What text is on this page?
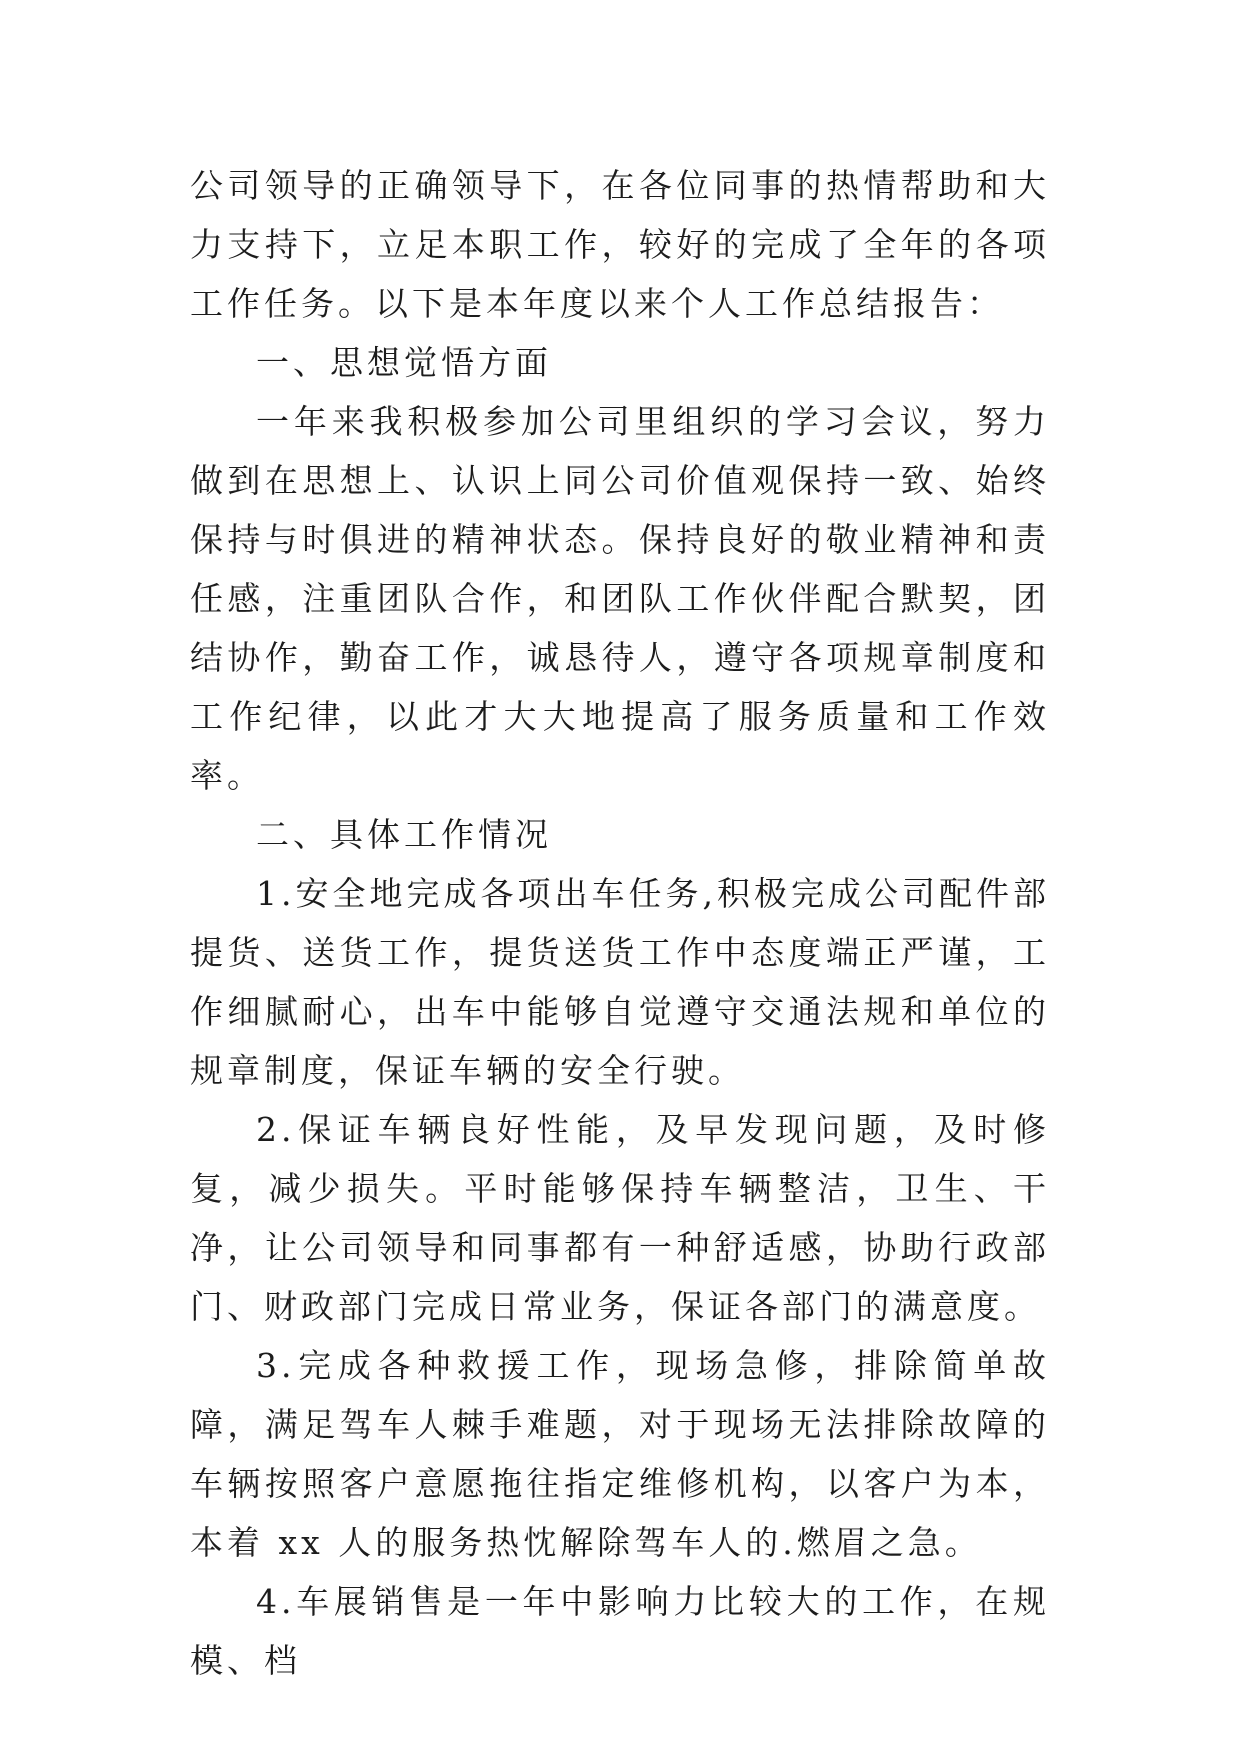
公司领导的正确领导下，在各位同事的热情帮助和大力支持下，立足本职工作，较好的完成了全年的各项工作任务。以下是本年度以来个人工作总结报告：

一、思想觉悟方面

一年来我积极参加公司里组织的学习会议，努力做到在思想上、认识上同公司价值观保持一致、始终保持与时俱进的精神状态。保持良好的敬业精神和责任感，注重团队合作，和团队工作伙伴配合默契，团结协作，勤奋工作，诚恳待人，遵守各项规章制度和工作纪律，以此才大大地提高了服务质量和工作效率。

二、具体工作情况

1.安全地完成各项出车任务,积极完成公司配件部提货、送货工作，提货送货工作中态度端正严谨，工作细腻耐心，出车中能够自觉遵守交通法规和单位的规章制度，保证车辆的安全行驶。

2.保证车辆良好性能，及早发现问题，及时修复，减少损失。平时能够保持车辆整洁，卫生、干净，让公司领导和同事都有一种舒适感，协助行政部门、财政部门完成日常业务，保证各部门的满意度。

3.完成各种救援工作，现场急修，排除简单故障，满足驾车人棘手难题，对于现场无法排除故障的车辆按照客户意愿拖往指定维修机构，以客户为本，本着 xx 人的服务热忱解除驾车人的.燃眉之急。

4.车展销售是一年中影响力比较大的工作，在规模、档
